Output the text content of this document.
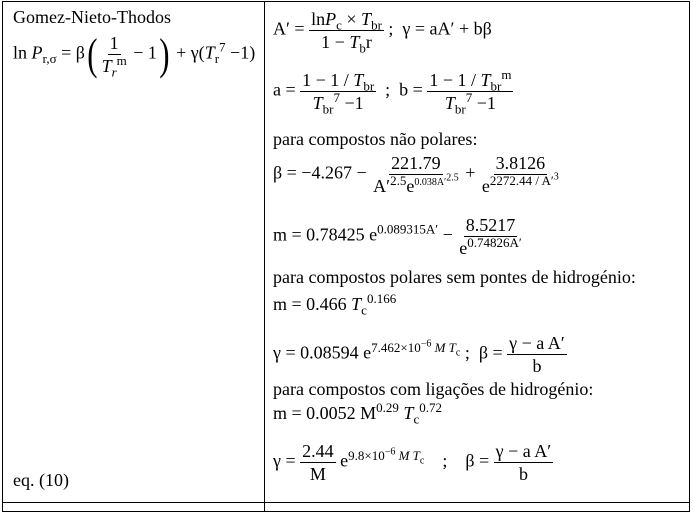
Gomez-Nieto-Thodos
$\ln P_{r,\sigma} = \beta( \frac{1}{T_r^m} - 1) + \gamma(T_r^7 -1)$
eq. (10)
$A' = \frac{\ln P_c \times T_{br}}{1 - T_br}$ ;  γ = aA′ + bβ
$a = \frac{1 - 1 / T_{br}}{T_{br}^7 -1}$ ;  $b = \frac{1 - 1 / T_{br}^m}{T_{br}^7 -1}$
para compostos não polares:
$\beta = -4.267 - \frac{221.79}{A'^{2.5}e^{0.038A'^{2.5}}} + \frac{3.8126}{e^{2272.44 / A'^3}}$
m = 0.78425 $e^{0.089315A'} - \frac{8.5217}{e^{0.74826A'}}$
para compostos polares sem pontes de hidrogénio:
m = 0.466 $T_c^{0.166}$
γ = 0.08594 $e^{7.462\times 10^{-6} M T_c}$ ;  $\beta = \frac{\text{γ − a A′}}{b}$
para compostos com ligações de hidrogénio:
m = 0.0052 $M^{0.29}$ $T_c^{0.72}$
$\gamma = \frac{2.44}{M} e^{9.8\times 10^{-6} M T_c}$    ;    $\beta = \frac{\text{γ − a A′}}{b}$
